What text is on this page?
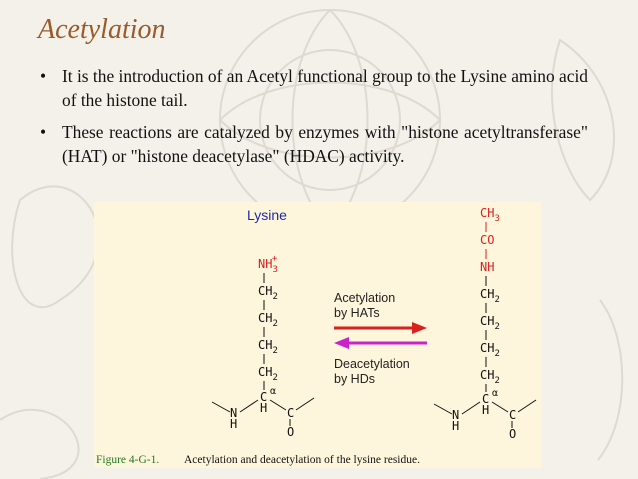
Acetylation
• It is the introduction of an Acetyl functional group to the Lysine amino acid of the histone tail.
• These reactions are catalyzed by enzymes with "histone acetyltransferase" (HAT) or "histone deacetylase" (HDAC) activity.
Lysine
$NH_3+$
$CH_2$
$CH_2$
$CH_2$
$CH_2$
C α
H
N
H
C
O
Acetylation
by HATs
Deacetylation
by HDs
$CH_3$
CO
NH
$CH_2$
$CH_2$
$CH_2$
$CH_2$
C α
H
N
H
C
O
Figure 4-G-1. Acetylation and deacetylation of the lysine residue.
